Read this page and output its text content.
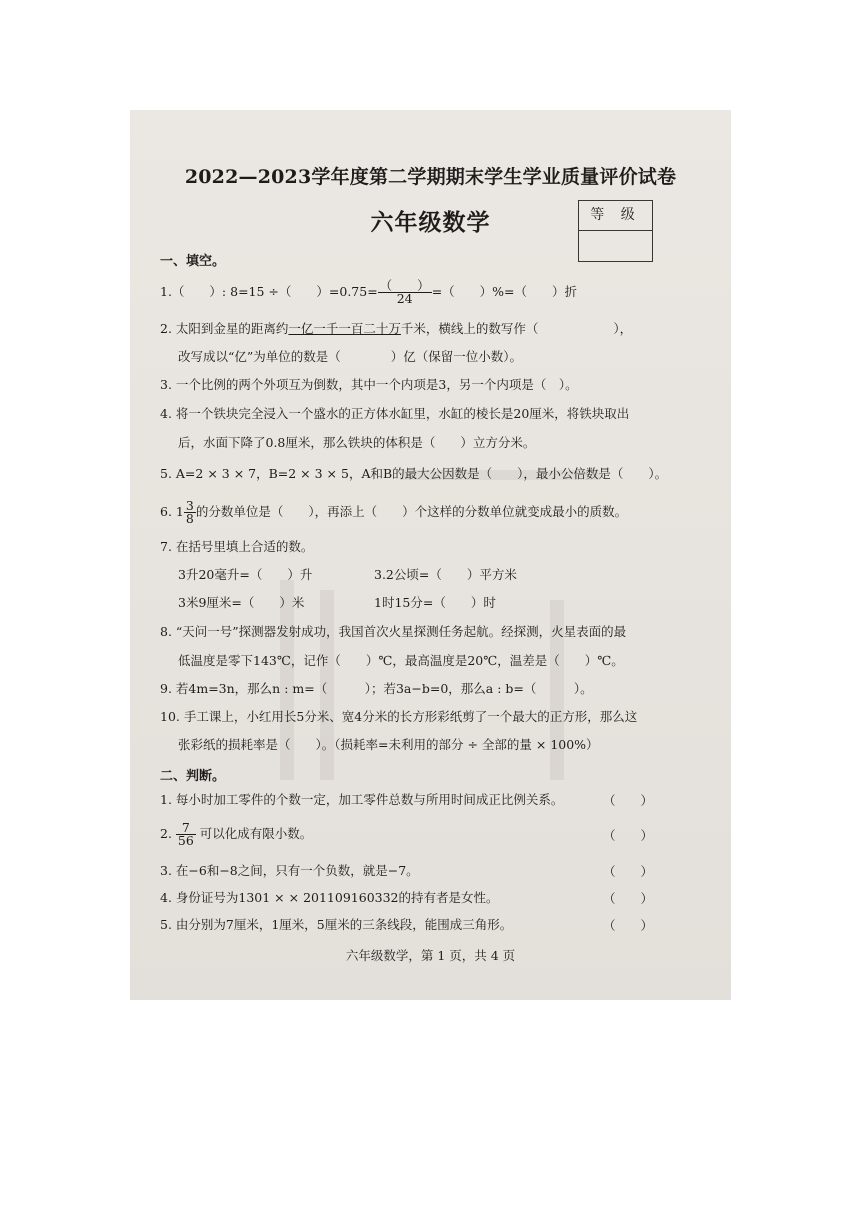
2022—2023学年度第二学期期末学生学业质量评价试卷
六年级数学	等 级
一、填空。
1.（　　）: 8=15 ÷（　　）$=0.75= \frac{( )}{24}$ =（　　）%=（　　）折
2. 太阳到金星的距离约一亿一千一百二十万千米，横线上的数写作（　　　　　　），
改写成以“亿”为单位的数是（　　　　）亿（保留一位小数）。
3. 一个比例的两个外项互为倒数，其中一个内项是3，另一个内项是（　）。
4. 将一个铁块完全浸入一个盛水的正方体水缸里，水缸的棱长是20厘米，将铁块取出
后，水面下降了0.8厘米，那么铁块的体积是（　　）立方分米。
5. A=2 × 3 × 7，B=2 × 3 × 5，A和B的最大公因数是（　　），最小公倍数是（　　）。
6. $1 \frac{3}{8}$ 的分数单位是（　　），再添上（　　）个这样的分数单位就变成最小的质数。
7. 在括号里填上合适的数。
3升20毫升=（　　）升	3.2公顷=（　　）平方米
3米9厘米=（　　）米	1时15分=（　　）时
8. “天问一号”探测器发射成功，我国首次火星探测任务起航。经探测，火星表面的最
低温度是零下143℃，记作（　　）℃，最高温度是20℃，温差是（　　）℃。
9. 若4m=3n，那么n : m=（　　　）；若3a−b=0，那么a : b=（　　　）。
10. 手工课上，小红用长5分米、宽4分米的长方形彩纸剪了一个最大的正方形，那么这
张彩纸的损耗率是（　　）。（损耗率=未利用的部分 ÷ 全部的量 × 100%）
二、判断。
1. 每小时加工零件的个数一定，加工零件总数与所用时间成正比例关系。	（　　）
2. $\frac{7}{56}$ 可以化成有限小数。	（　　）
3. 在−6和−8之间，只有一个负数，就是−7。	（　　）
4. 身份证号为1301 × × 201109160332的持有者是女性。	（　　）
5. 由分别为7厘米，1厘米，5厘米的三条线段，能围成三角形。	（　　）
六年级数学，第 1 页，共 4 页
